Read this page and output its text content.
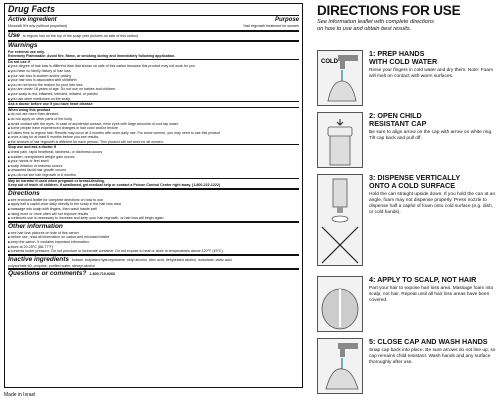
Drug Facts
Active ingredient	Purpose
Minoxidil 5% w/w (without propellant)	Hair regrowth treatment for women
Use to regrow hair on the top of the scalp (see pictures on side of this carton)
Warnings
For external use only.
Extremely Flammable: Avoid fire, flame, or smoking during and immediately following application.
Do not use if
■ your degree of hair loss is different than that shown on side of this carton because this product may not work for you
■ you have no family history of hair loss
■ your hair loss is sudden and/or patchy
■ your hair loss is associated with childbirth
■ you do not know the reason for your hair loss
■ you are under 18 years of age. Do not use on babies and children.
■ your scalp is red, inflamed, infected, irritated, or painful
■ you use other medicines on the scalp
Ask a doctor before use if you have heart disease
When using this product
■ do not use more than directed
■ do not apply on other parts of the body
■ avoid contact with the eyes. In case of accidental contact, rinse eyes with large amounts of cool tap water.
■ some people have experienced changes in hair color and/or texture
■ it takes time to regrow hair. Results may occur at 3 months with once-daily use. For some women, you may need to use this product
■ once a day for at least 6 months before you see results.
■ the amount of hair regrowth is different for each person. This product will not work for all women.
Stop use and ask a doctor if
■ chest pain, rapid heartbeat, faintness, or dizziness occurs
■ sudden, unexplained weight gain occurs
■ your hands or feet swell
■ scalp irritation or redness occurs
■ unwanted facial hair growth occurs
■ you do not see hair regrowth in 6 months
May be harmful if used when pregnant or breast-feeding.
Keep out of reach of children. If swallowed, get medical help or contact a Poison Control Center right away. (1-800-222-1222)
Directions
■ see enclosed leaflet for complete directions on how to use
■ apply half a capful once daily directly to the scalp in the hair loss area
■ massage into scalp with fingers, then wash hands well
■ using more or more often will not improve results
■ continued use is necessary to increase and keep your hair regrowth, or hair loss will begin again
Other information
■ see hair loss pictures on side of this carton
■ before use, read all information on carton and enclosed leaflet
■ keep the carton. It contains important information.
■ store at 20-25°C (68-77°F)
■ contents under pressure. Do not puncture or incinerate container. Do not expose to heat or store at temperatures above 120°F (49°C).
Inactive ingredients butane, butylated hydroxytoluene, cetyl alcohol, citric acid, dehydrated alcohol, isobutane, lactic acid,
polysorbate 60, propane, purified water, stearyl alcohol
Questions or comments? 1-800-719-9260
Made in Israel
DIRECTIONS FOR USE
See information leaflet with complete directions
on how to use and obtain best results.
COLD
1: PREP HANDS
WITH COLD WATER
Rinse your fingers in cold water and dry them. Note: Foam will melt on contact with warm surfaces.
2: OPEN CHILD
RESISTANT CAP
Be sure to align arrow on the cap with arrow on white ring. Tilt cap back and pull off.
3: DISPENSE VERTICALLY
ONTO A COLD SURFACE
Hold the can straight upside down. If you hold the can at an angle, foam may not dispense properly. Press nozzle to dispense half a capful of foam onto cold surface (e.g. dish, or cold hands).
4: APPLY TO SCALP, NOT HAIR
Part your hair to expose hair loss area. Massage foam into scalp, not hair. Repeat until all hair loss areas have been covered.
5: CLOSE CAP AND WASH HANDS
Snap cap back into place. Be sure arrows do not line up, so cap remains child resistant. Wash hands and any surface thoroughly after use.
